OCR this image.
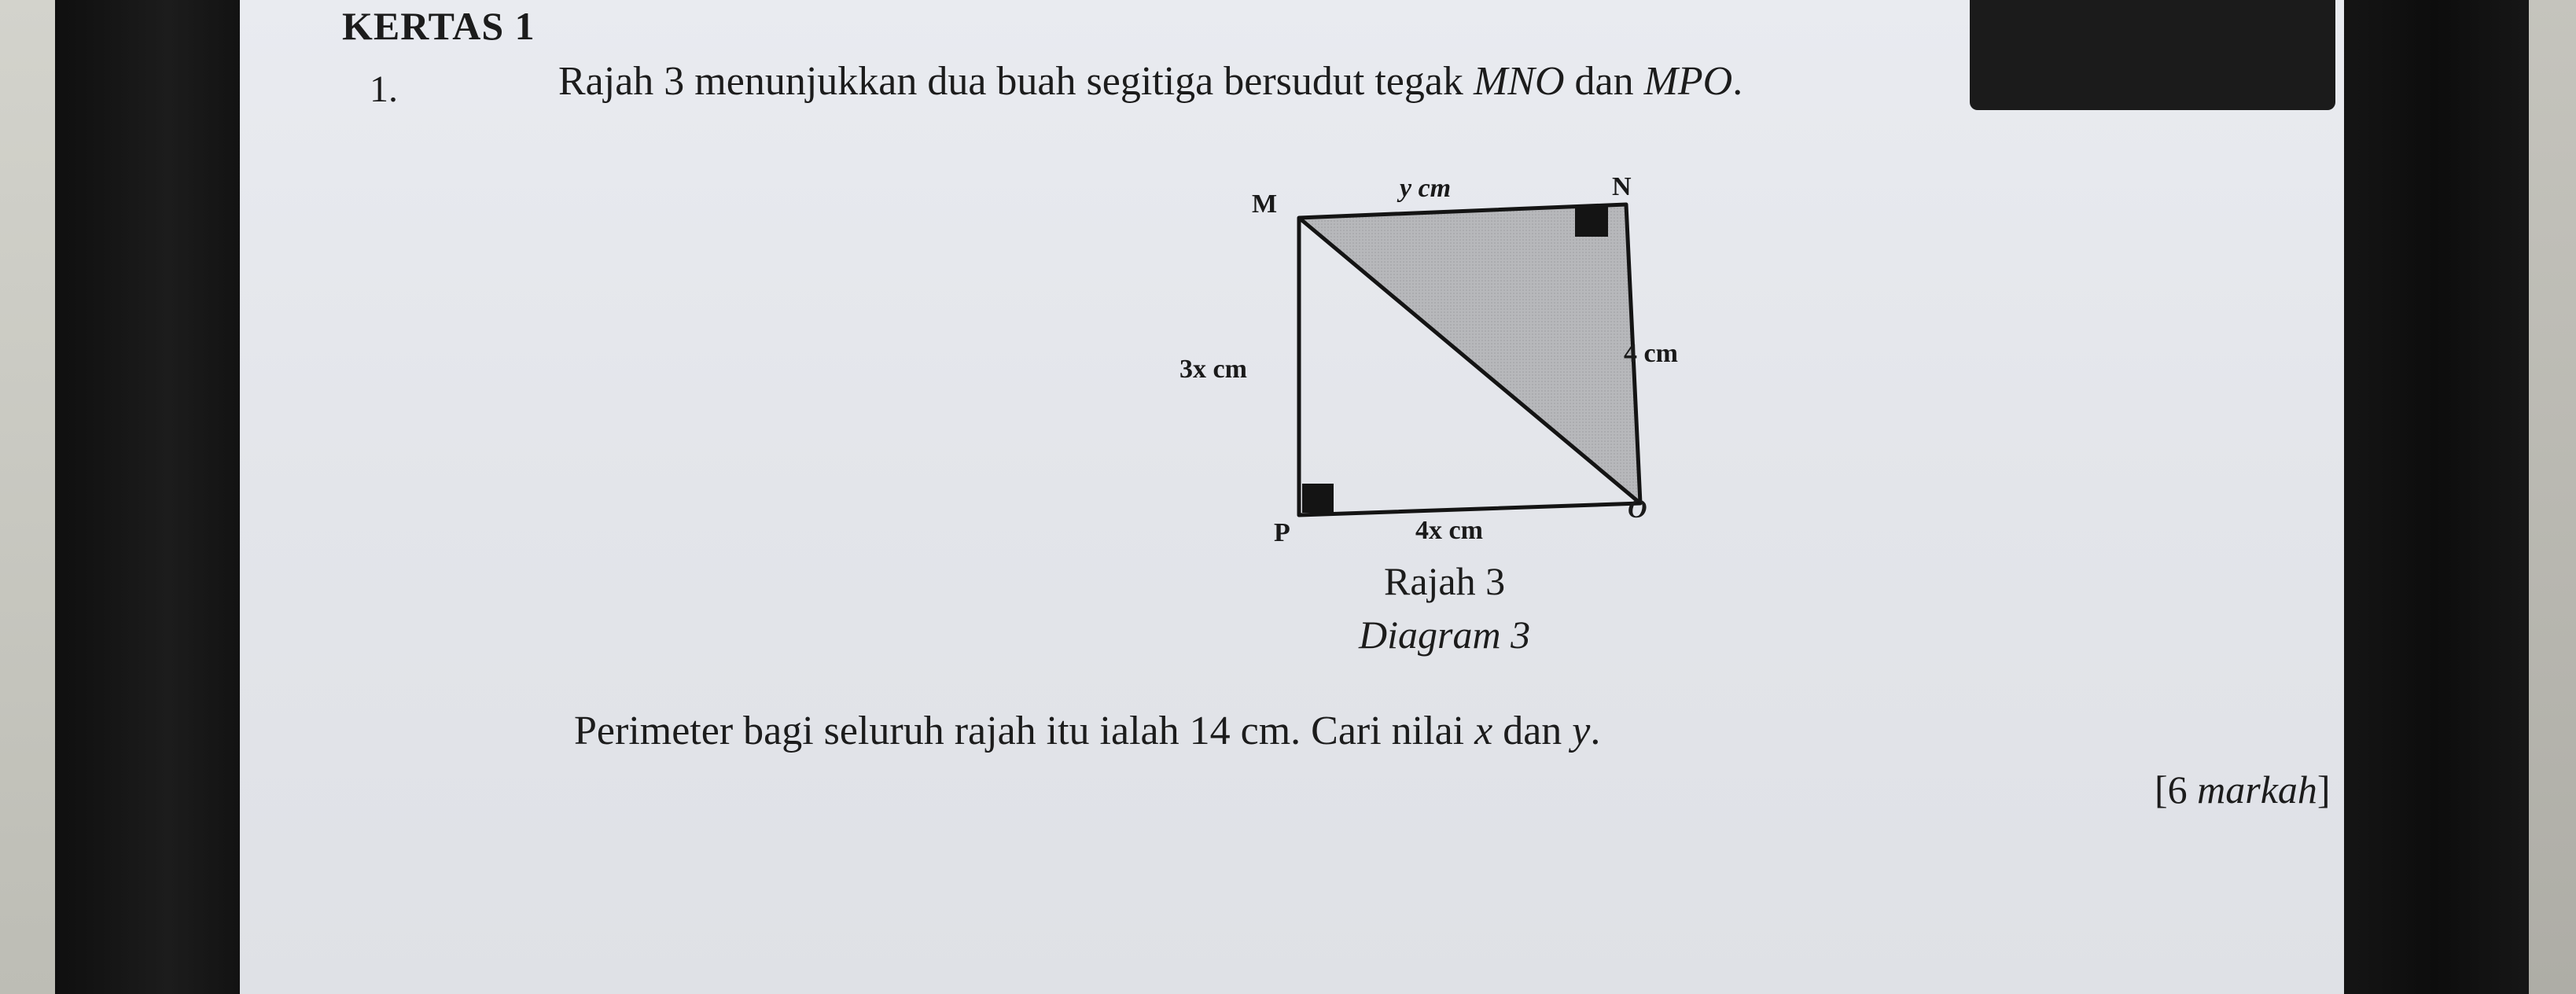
KERTAS 1
1.	Rajah 3 menunjukkan dua buah segitiga bersudut tegak MNO dan MPO.
M
N
O
P
y cm
4 cm
3x cm
4x cm
Rajah 3
Diagram 3
Perimeter bagi seluruh rajah itu ialah 14 cm. Cari nilai x dan y.
[6 markah]
